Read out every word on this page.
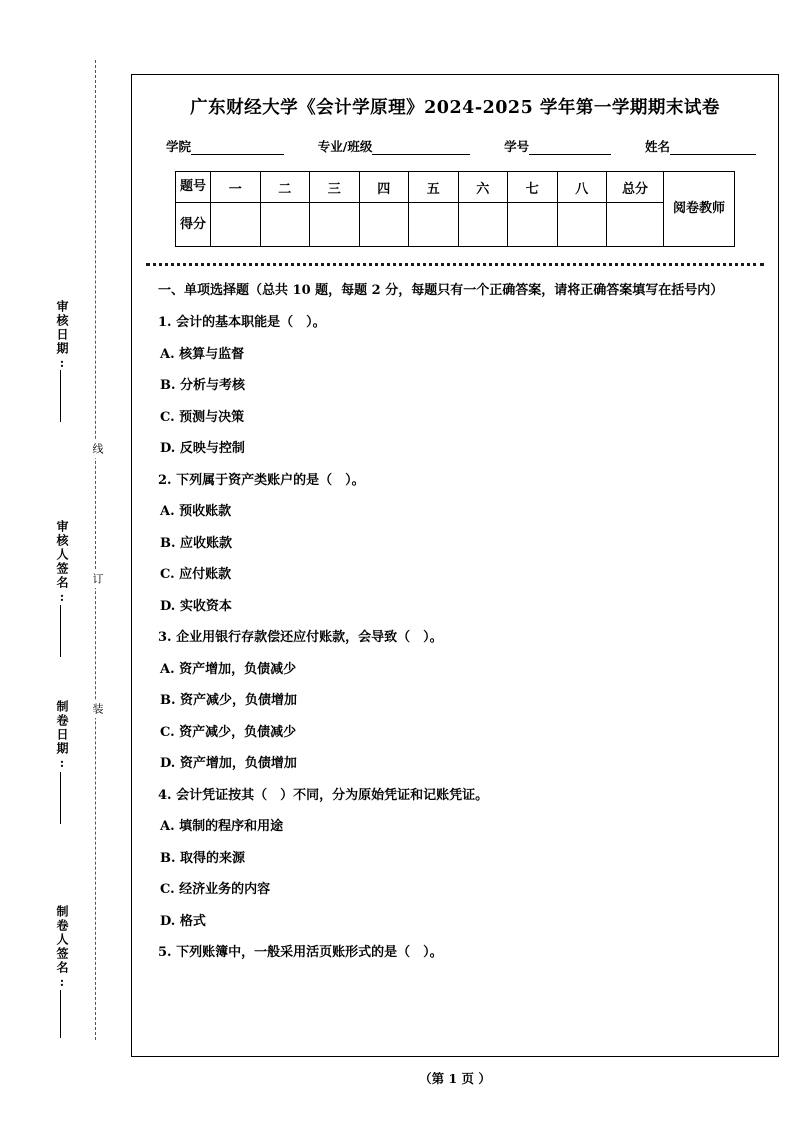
审核日期:
审核人签名:
制卷日期:
制卷人签名:
线
订
装
广东财经大学《会计学原理》2024‑2025 学年第一学期期末试卷
学院	专业/班级	学号	姓名
题号	一	二	三	四	五	六	七	八	总分	阅卷教师
得分										
一、单项选择题（总共 10 题，每题 2 分，每题只有一个正确答案，请将正确答案填写在括号内）
1. 会计的基本职能是（　）。
A. 核算与监督
B. 分析与考核
C. 预测与决策
D. 反映与控制
2. 下列属于资产类账户的是（　）。
A. 预收账款
B. 应收账款
C. 应付账款
D. 实收资本
3. 企业用银行存款偿还应付账款，会导致（　）。
A. 资产增加，负债减少
B. 资产减少，负债增加
C. 资产减少，负债减少
D. 资产增加，负债增加
4. 会计凭证按其（　）不同，分为原始凭证和记账凭证。
A. 填制的程序和用途
B. 取得的来源
C. 经济业务的内容
D. 格式
5. 下列账簿中，一般采用活页账形式的是（　）。
（第 1 页 ）
